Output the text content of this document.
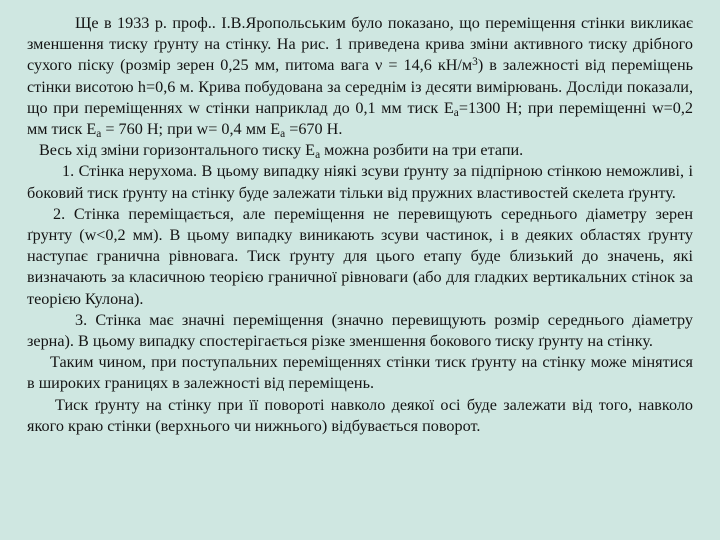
Ще в 1933 р. проф.. І.В.Яропольським було показано, що переміщення стінки викликає зменшення тиску ґрунту на стінку. На рис. 1 приведена крива зміни активного тиску дрібного сухого піску (розмір зерен 0,25 мм, питома вага ν = 14,6 $кН/м^3$) в залежності від переміщень стінки висотою h=0,6 м. Крива побудована за середнім із десяти вимірювань. Досліди показали, що при переміщеннях w стінки наприклад до 0,1 мм тиск $E_a=1300$ Н; при переміщенні w=0,2 мм тиск $E_a = 760$ Н; при w= 0,4 мм $E_a =670$ Н.

Весь хід зміни горизонтального тиску $E_a$ можна розбити на три етапи.

1. Стінка нерухома. В цьому випадку ніякі зсуви ґрунту за підпірною стінкою неможливі, і боковий тиск ґрунту на стінку буде залежати тільки від пружних властивостей скелета ґрунту.

2. Стінка переміщається, але переміщення не перевищують середнього діаметру зерен ґрунту (w<0,2 мм). В цьому випадку виникають зсуви частинок, і в деяких областях ґрунту наступає гранична рівновага. Тиск ґрунту для цього етапу буде близький до значень, які визначають за класичною теорією граничної рівноваги (або для гладких вертикальних стінок за теорією Кулона).

3. Стінка має значні переміщення (значно перевищують розмір середнього діаметру зерна). В цьому випадку спостерігається різке зменшення бокового тиску ґрунту на стінку.

Таким чином, при поступальних переміщеннях стінки тиск ґрунту на стінку може мінятися в широких границях в залежності від переміщень.

Тиск ґрунту на стінку при її повороті навколо деякої осі буде залежати від того, навколо якого краю стінки (верхнього чи нижнього) відбувається поворот.
